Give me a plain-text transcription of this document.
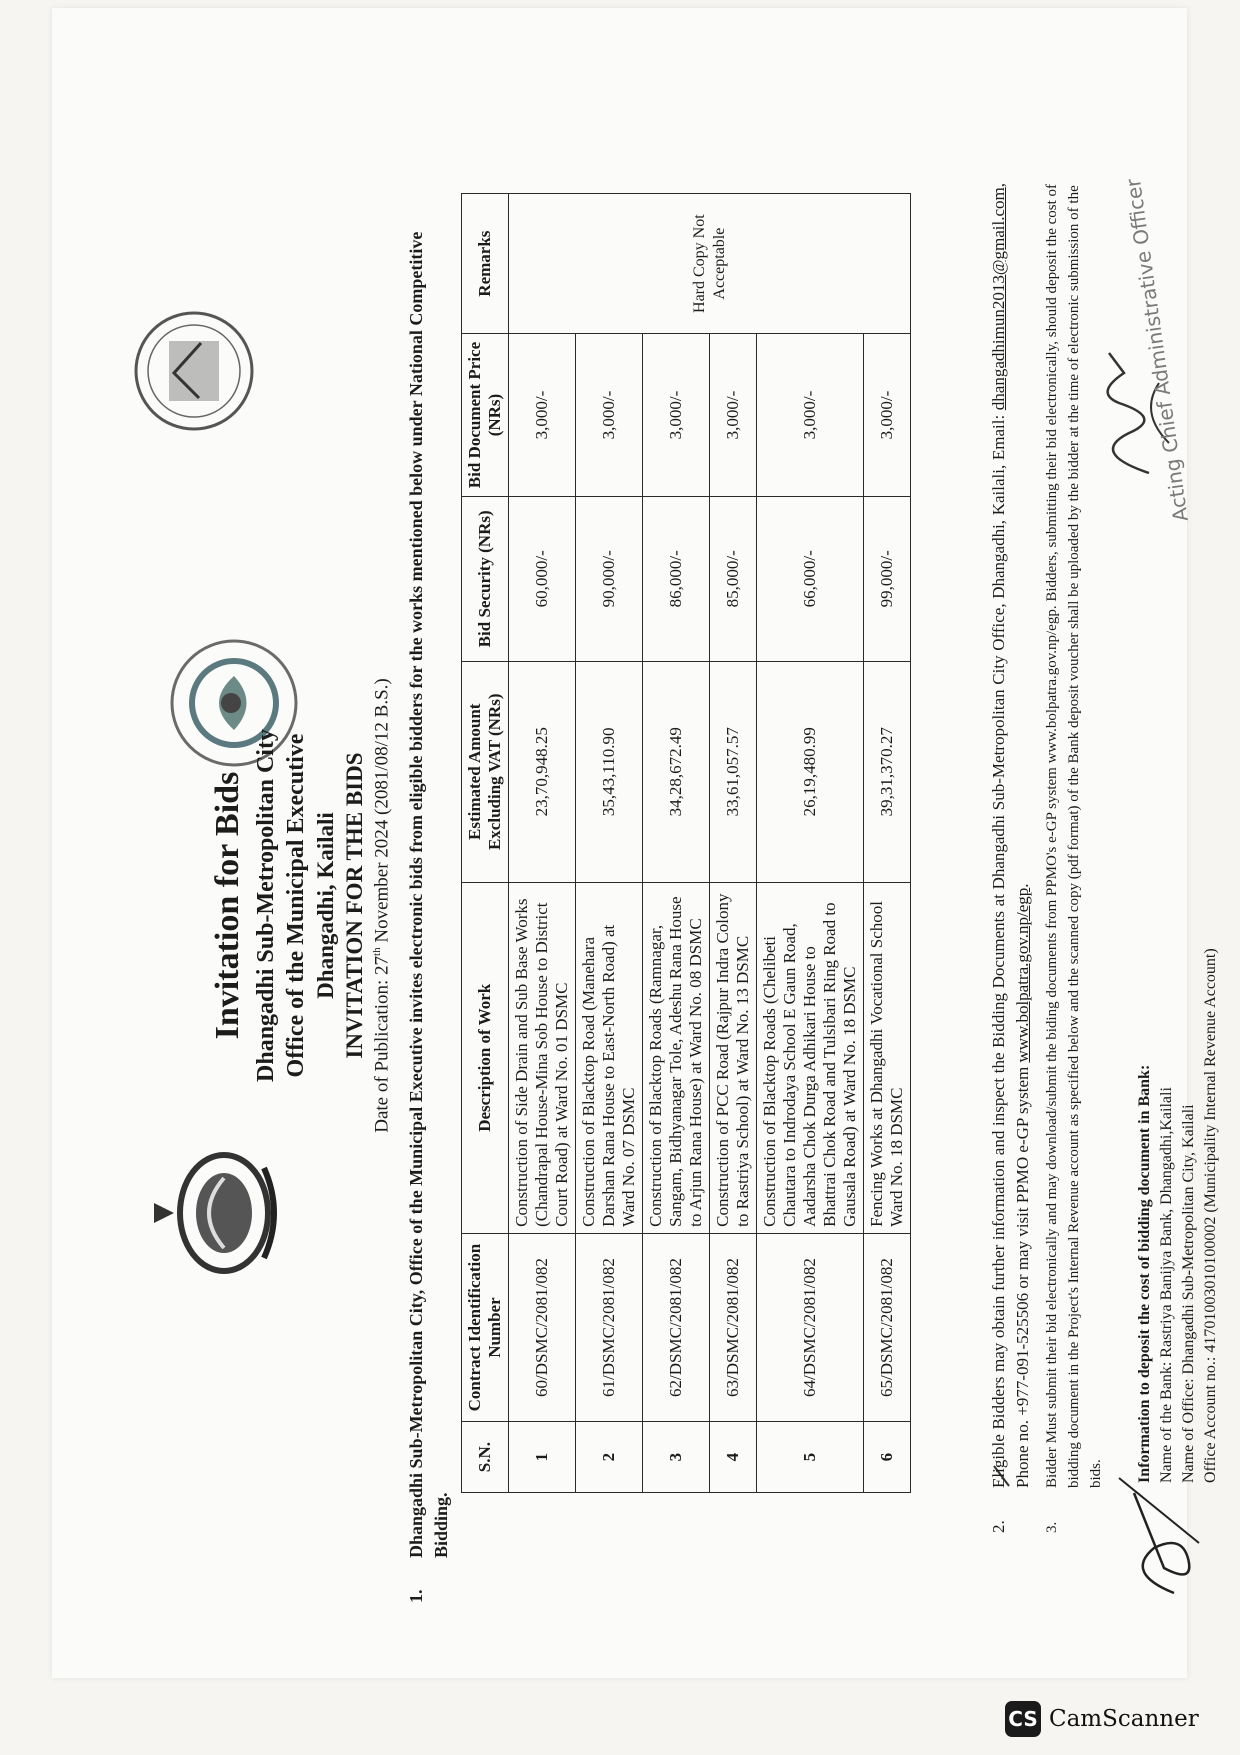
Invitation for Bids Dhangadhi Sub-Metropolitan City Office of the Municipal Executive Dhangadhi, Kailali INVITATION FOR THE BIDS Date of Publication: 27th November 2024 (2081/08/12 B.S.)
1.
Dhangadhi Sub-Metropolitan City, Office of the Municipal Executive invites electronic bids from eligible bidders for the works mentioned below under National Competitive Bidding.
S.N.	Contract Identification Number	Description of Work	Estimated Amount Excluding VAT (NRs)	Bid Security (NRs)	Bid Document Price (NRs)	Remarks
1	60/DSMC/2081/082	Construction of Side Drain and Sub Base Works (Chandrapal House-Mina Sob House to District Court Road) at Ward No. 01 DSMC	23,70,948.25	60,000/-	3,000/-	Hard Copy Not Acceptable
2	61/DSMC/2081/082	Construction of Blacktop Road (Manehara Darshan Rana House to East-North Road) at Ward No. 07 DSMC	35,43,110.90	90,000/-	3,000/-	
3	62/DSMC/2081/082	Construction of Blacktop Roads (Ramnagar, Sangam, Bidhyanagar Tole, Adeshu Rana House to Arjun Rana House) at Ward No. 08 DSMC	34,28,672.49	86,000/-	3,000/-	
4	63/DSMC/2081/082	Construction of PCC Road (Rajpur Indra Colony to Rastriya School) at Ward No. 13 DSMC	33,61,057.57	85,000/-	3,000/-	
5	64/DSMC/2081/082	Construction of Blacktop Roads (Chelibeti Chautara to Indrodaya School E Gaun Road, Aadarsha Chok Durga Adhikari House to Bhattrai Chok Road and Tulsibari Ring Road to Gausala Road) at Ward No. 18 DSMC	26,19,480.99	66,000/-	3,000/-	
6	65/DSMC/2081/082	Fencing Works at Dhangadhi Vocational School Ward No. 18 DSMC	39,31,370.27	99,000/-	3,000/-	
2.
Eligible Bidders may obtain further information and inspect the Bidding Documents at Dhangadhi Sub-Metropolitan City Office, Dhangadhi, Kailali, Email: dhangadhimun2013@gmail.com, Phone no. +977-091-525506 or may visit PPMO e-GP system www.bolpatra.gov.np/egp.
3.
Bidder Must submit their bid electronically and may download/submit the biding documents from PPMO's e-GP system www.bolpatra.gov.np/egp. Bidders, submitting their bid electronically, should deposit the cost of bidding document in the Project's Internal Revenue account as specified below and the scanned copy (pdf format) of the Bank deposit voucher shall be uploaded by the bidder at the time of electronic submission of the bids. Information to deposit the cost of bidding document in Bank: Name of the Bank: Rastriya Banijya Bank, Dhangadhi,Kailali Name of Office: Dhangadhi Sub-Metropolitan City, Kailali Office Account no.: 41701003010100002 (Municipality Internal Revenue Account)
Acting Chief Administrative Officer
CS CamScanner
